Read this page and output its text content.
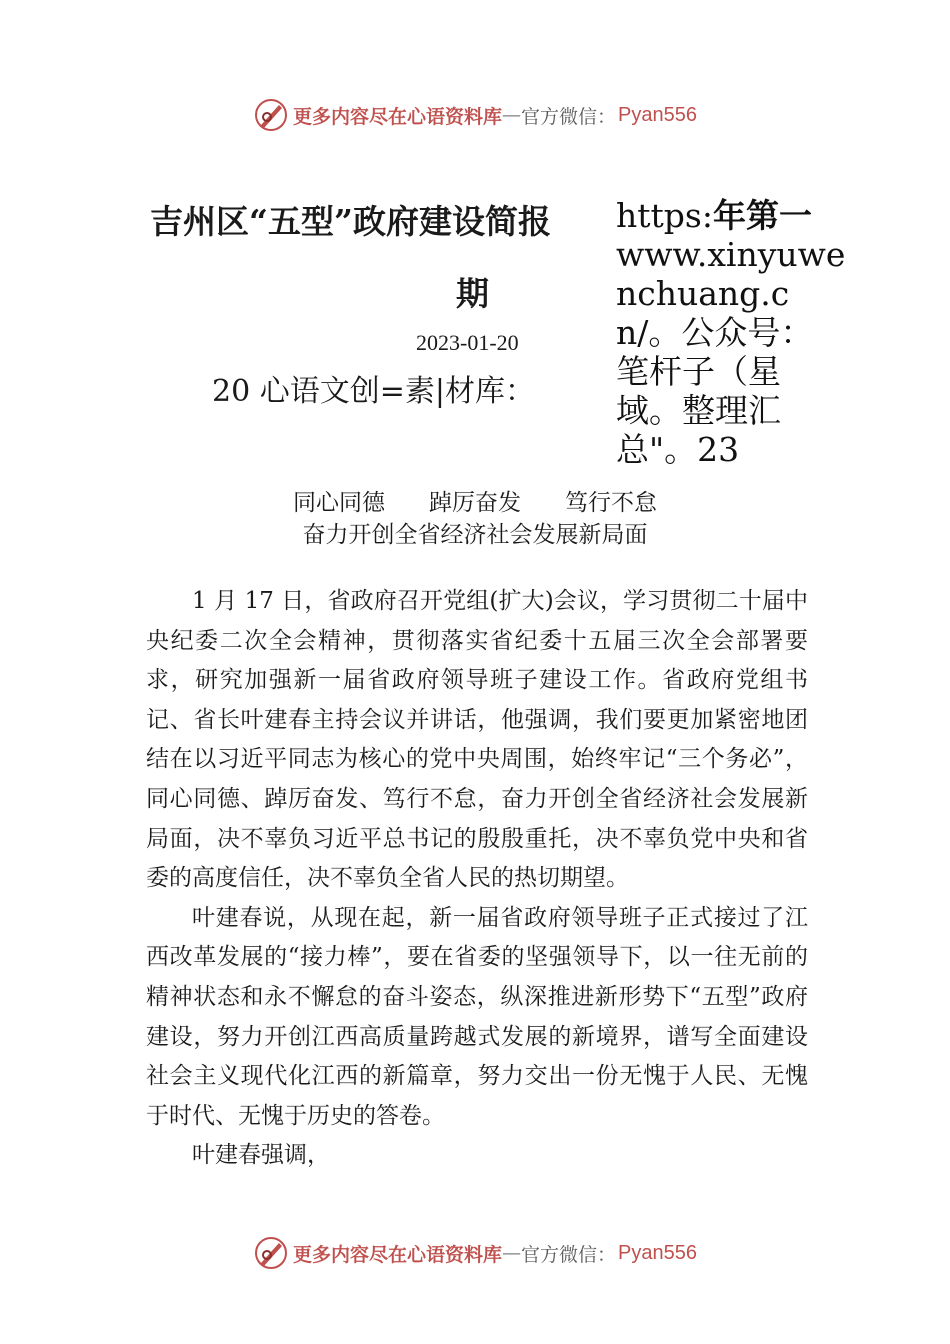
更多内容尽在心语资料库 — 官方微信： Pyan556
吉州区“五型”政府建设简报
期
https:年第一
www.xinyuwenchuang.cn/。公众号：笔杆子（星域。整理汇总"。23
2023-01-20
20 心语文创=素|材库：
同心同德 踔厉奋发 笃行不怠
奋力开创全省经济社会发展新局面

1 月 17 日，省政府召开党组(扩大)会议，学习贯彻二十届中央纪委二次全会精神，贯彻落实省纪委十五届三次全会部署要求，研究加强新一届省政府领导班子建设工作。省政府党组书记、省长叶建春主持会议并讲话，他强调，我们要更加紧密地团结在以习近平同志为核心的党中央周围，始终牢记“三个务必”，同心同德、踔厉奋发、笃行不怠，奋力开创全省经济社会发展新局面，决不辜负习近平总书记的殷殷重托，决不辜负党中央和省委的高度信任，决不辜负全省人民的热切期望。

叶建春说，从现在起，新一届省政府领导班子正式接过了江西改革发展的“接力棒”，要在省委的坚强领导下，以一往无前的精神状态和永不懈怠的奋斗姿态，纵深推进新形势下“五型”政府建设，努力开创江西高质量跨越式发展的新境界，谱写全面建设社会主义现代化江西的新篇章，努力交出一份无愧于人民、无愧于时代、无愧于历史的答卷。

叶建春强调，

更多内容尽在心语资料库 — 官方微信： Pyan556
